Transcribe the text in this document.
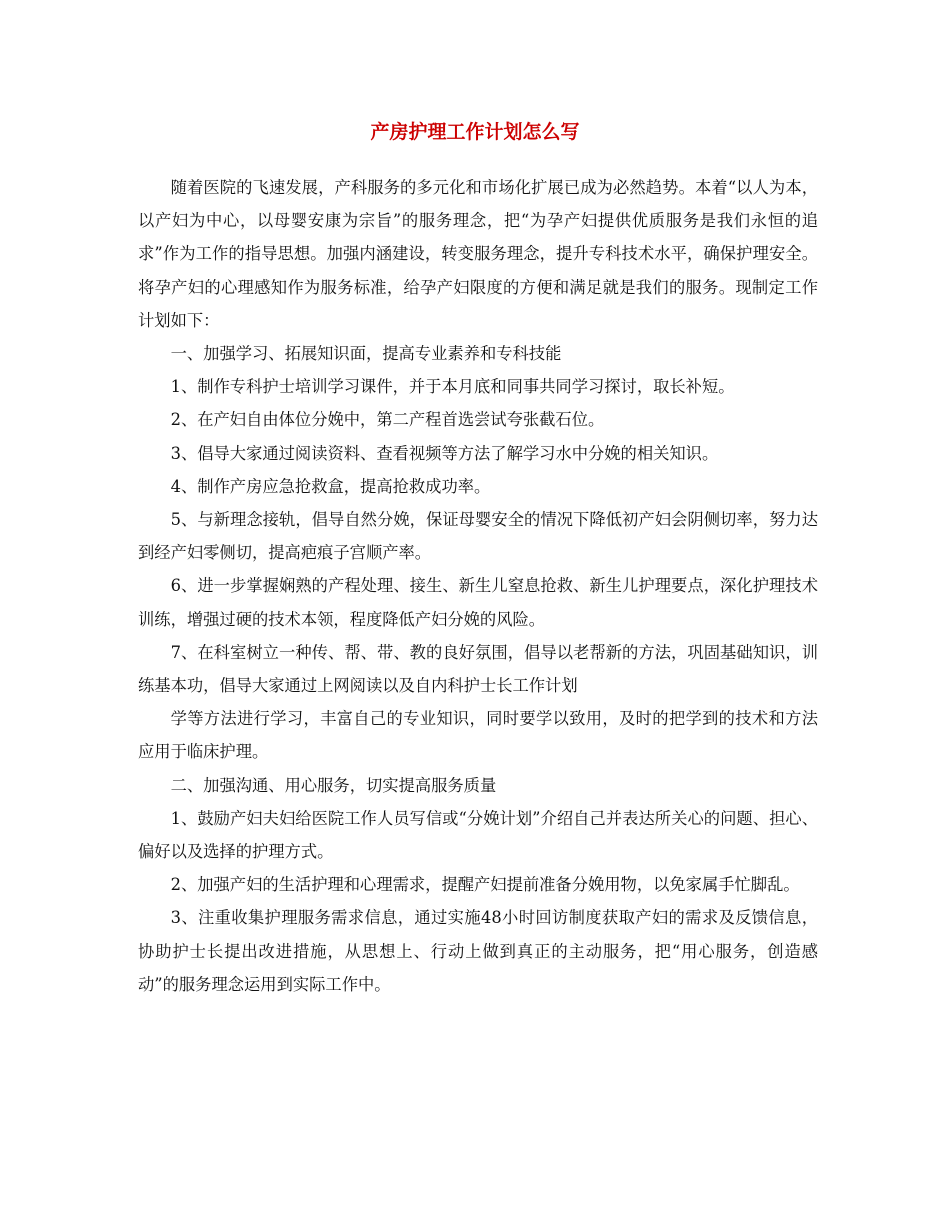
产房护理工作计划怎么写

随着医院的飞速发展，产科服务的多元化和市场化扩展已成为必然趋势。本着“以人为本，以产妇为中心，以母婴安康为宗旨”的服务理念，把“为孕产妇提供优质服务是我们永恒的追求”作为工作的指导思想。加强内涵建设，转变服务理念，提升专科技术水平，确保护理安全。将孕产妇的心理感知作为服务标准，给孕产妇限度的方便和满足就是我们的服务。现制定工作计划如下：

一、加强学习、拓展知识面，提高专业素养和专科技能

1、制作专科护士培训学习课件，并于本月底和同事共同学习探讨，取长补短。

2、在产妇自由体位分娩中，第二产程首选尝试夸张截石位。

3、倡导大家通过阅读资料、查看视频等方法了解学习水中分娩的相关知识。

4、制作产房应急抢救盒，提高抢救成功率。

5、与新理念接轨，倡导自然分娩，保证母婴安全的情况下降低初产妇会阴侧切率，努力达到经产妇零侧切，提高疤痕子宫顺产率。

6、进一步掌握娴熟的产程处理、接生、新生儿窒息抢救、新生儿护理要点，深化护理技术训练，增强过硬的技术本领，程度降低产妇分娩的风险。

7、在科室树立一种传、帮、带、教的良好氛围，倡导以老帮新的方法，巩固基础知识，训练基本功，倡导大家通过上网阅读以及自内科护士长工作计划

学等方法进行学习，丰富自己的专业知识，同时要学以致用，及时的把学到的技术和方法应用于临床护理。

二、加强沟通、用心服务，切实提高服务质量

1、鼓励产妇夫妇给医院工作人员写信或“分娩计划”介绍自己并表达所关心的问题、担心、偏好以及选择的护理方式。

2、加强产妇的生活护理和心理需求，提醒产妇提前准备分娩用物，以免家属手忙脚乱。

3、注重收集护理服务需求信息，通过实施48小时回访制度获取产妇的需求及反馈信息，协助护士长提出改进措施，从思想上、行动上做到真正的主动服务，把“用心服务，创造感动”的服务理念运用到实际工作中。
